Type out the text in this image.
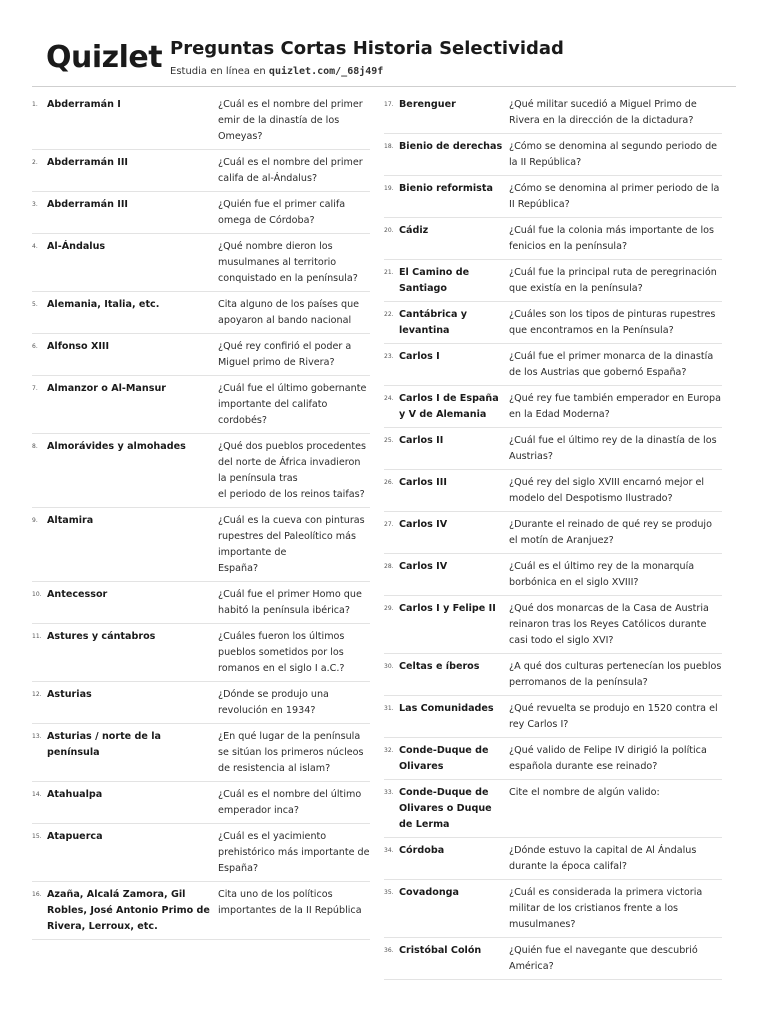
Quizlet Preguntas Cortas Historia Selectividad
Estudia en línea en quizlet.com/_68j49f
1. Abderramán I	¿Cuál es el nombre del primer emir de la dinastía de los Omeyas?
2. Abderramán III	¿Cuál es el nombre del primer califa de al-Ándalus?
3. Abderramán III	¿Quién fue el primer califa omega de Córdoba?
4. Al-Ándalus	¿Qué nombre dieron los musulmanes al territorio conquistado en la península?
5. Alemania, Italia, etc.	Cita alguno de los países que apoyaron al bando nacional
6. Alfonso XIII	¿Qué rey confirió el poder a Miguel primo de Rivera?
7. Almanzor o Al-Mansur	¿Cuál fue el último gobernante importante del califato cordobés?
8. Almorávides y almohades	¿Qué dos pueblos procedentes del norte de África invadieron la península tras
el periodo de los reinos taifas?
9. Altamira	¿Cuál es la cueva con pinturas rupestres del Paleolítico más importante de
España?
10. Antecessor	¿Cuál fue el primer Homo que habitó la península ibérica?
11. Astures y cántabros	¿Cuáles fueron los últimos pueblos sometidos por los romanos en el siglo I a.C.?
12. Asturias	¿Dónde se produjo una revolución en 1934?
13. Asturias / norte de la península
¿En qué lugar de la península se sitúan los primeros núcleos de resistencia al islam?
14. Atahualpa	¿Cuál es el nombre del último emperador inca?
15. Atapuerca	¿Cuál es el yacimiento prehistórico más importante de España?
16. Azaña, Alcalá Zamora, Gil Robles, José Antonio Primo de Rivera, Lerroux, etc.
Cita uno de los políticos importantes de la II República
17. Berenguer	¿Qué militar sucedió a Miguel Primo de Rivera en la dirección de la dictadura?
18. Bienio de derechas ¿Cómo se denomina al segundo periodo de la II República?
19. Bienio reformista	¿Cómo se denomina al primer periodo de la II República?
20. Cádiz	¿Cuál fue la colonia más importante de los fenicios en la península?
21. El Camino de Santiago
¿Cuál fue la principal ruta de peregrinación que existía en la península?
22. Cantábrica y levantina
¿Cuáles son los tipos de pinturas rupestres que encontramos en la Península?
23. Carlos I	¿Cuál fue el primer monarca de la dinastía de los Austrias que gobernó España?
24. Carlos I de España y V de Alemania
¿Qué rey fue también emperador en Europa en la Edad Moderna?
25. Carlos II	¿Cuál fue el último rey de la dinastía de los Austrias?
26. Carlos III	¿Qué rey del siglo XVIII encarnó mejor el modelo del Despotismo Ilustrado?
27. Carlos IV	¿Durante el reinado de qué rey se produjo el motín de Aranjuez?
28. Carlos IV	¿Cuál es el último rey de la monarquía borbónica en el siglo XVIII?
29. Carlos I y Felipe II	¿Qué dos monarcas de la Casa de Austria reinaron tras los Reyes Católicos durante casi todo el siglo XVI?
30. Celtas e íberos	¿A qué dos culturas pertenecían los pueblos perromanos de la península?
31. Las Comunidades	¿Qué revuelta se produjo en 1520 contra el rey Carlos I?
32. Conde-Duque de Olivares
¿Qué valido de Felipe IV dirigió la política española durante ese reinado?
33. Conde-Duque de Olivares o Duque de Lerma
Cite el nombre de algún valido:
34. Córdoba	¿Dónde estuvo la capital de Al Ándalus durante la época califal?
35. Covadonga	¿Cuál es considerada la primera victoria militar de los cristianos frente a los musulmanes?
36. Cristóbal Colón	¿Quién fue el navegante que descubrió América?
